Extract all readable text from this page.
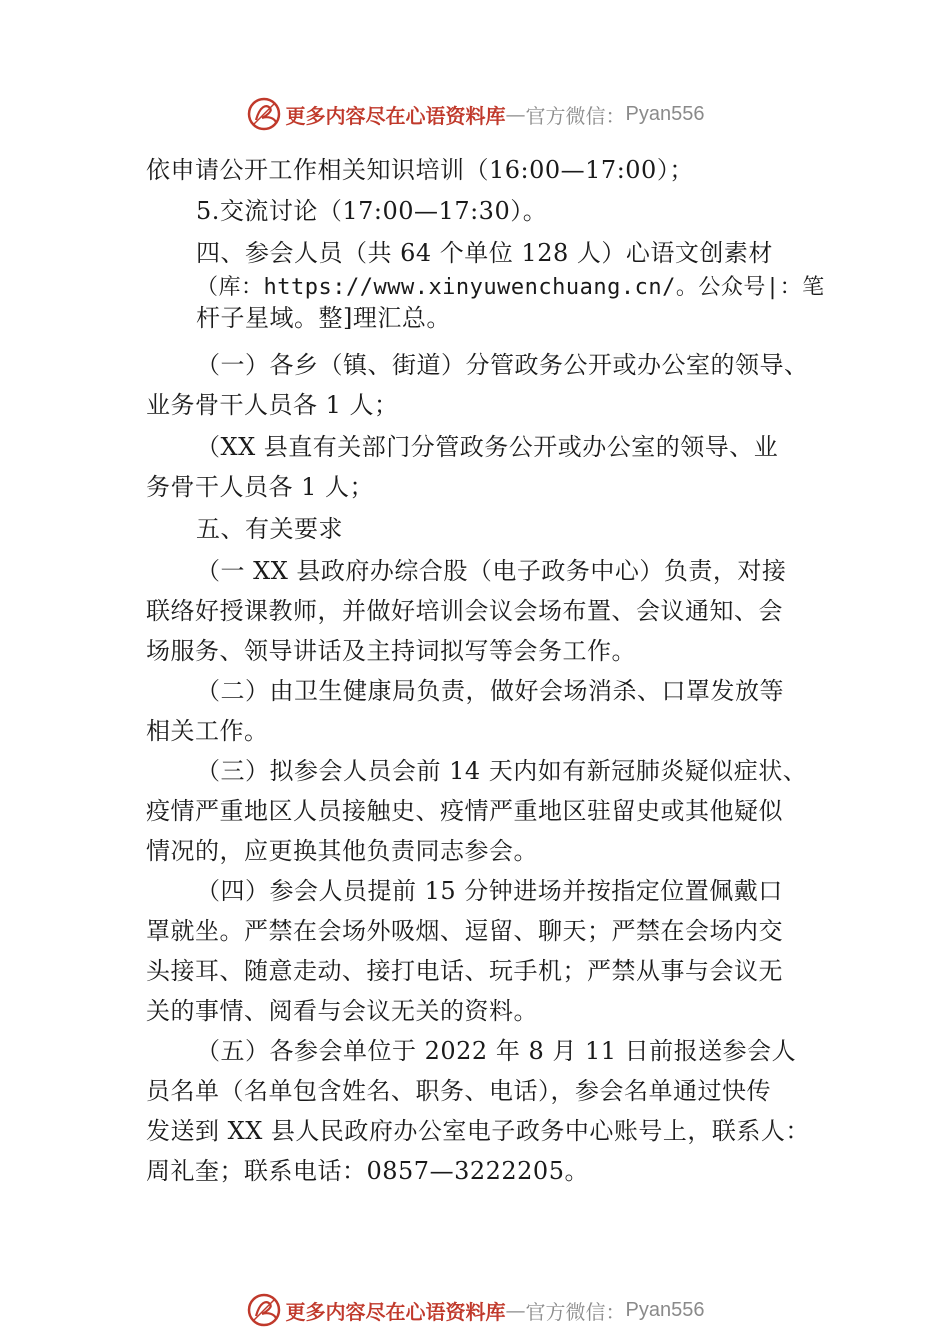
更多内容尽在心语资料库 — 官方微信： Pyan556
依申请公开工作相关知识培训（16:00—17:00）；
5.交流讨论（17:00—17:30）。
四、参会人员（共 64 个单位 128 人）心语文创素材
（库：https://www.xinyuwenchuang.cn/。公众号|：笔
杆子星域。整]理汇总。
（一）各乡（镇、街道）分管政务公开或办公室的领导、
业务骨干人员各 1 人；
（XX 县直有关部门分管政务公开或办公室的领导、业
务骨干人员各 1 人；
五、有关要求
（一 XX 县政府办综合股（电子政务中心）负责，对接
联络好授课教师，并做好培训会议会场布置、会议通知、会
场服务、领导讲话及主持词拟写等会务工作。
（二）由卫生健康局负责，做好会场消杀、口罩发放等
相关工作。
（三）拟参会人员会前 14 天内如有新冠肺炎疑似症状、
疫情严重地区人员接触史、疫情严重地区驻留史或其他疑似
情况的，应更换其他负责同志参会。
（四）参会人员提前 15 分钟进场并按指定位置佩戴口
罩就坐。严禁在会场外吸烟、逗留、聊天；严禁在会场内交
头接耳、随意走动、接打电话、玩手机；严禁从事与会议无
关的事情、阅看与会议无关的资料。
（五）各参会单位于 2022 年 8 月 11 日前报送参会人
员名单（名单包含姓名、职务、电话），参会名单通过快传
发送到 XX 县人民政府办公室电子政务中心账号上，联系人：
周礼奎；联系电话：0857—3222205。
更多内容尽在心语资料库 — 官方微信： Pyan556
